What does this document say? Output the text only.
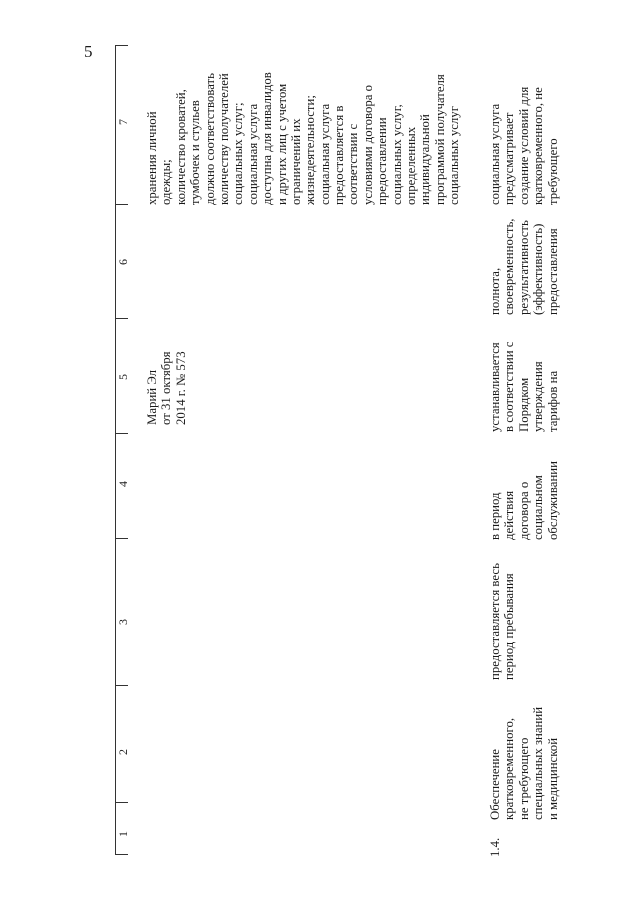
5
1
2
3
4
5
6
7
Марий Эл от 31 октября 2014 г. № 573
хранения личной одежды; количество кроватей, тумбочек и стульев должно соответствовать количеству получателей социальных услуг; социальная услуга доступна для инвалидов и других лиц с учетом ограничений их жизнедеятельности; социальная услуга предоставляется в соответствии с условиями договора о предоставлении социальных услуг, определенных индивидуальной программой получателя социальных услуг
1.4.
Обеспечение кратковременного, не требующего специальных знаний и медицинской
предоставляется весь период пребывания
в период действия договора о социальном обслуживании
устанавливается в соответствии с Порядком утверждения тарифов на
полнота, своевременность, результативность (эффективность) предоставления
социальная услуга предусматривает создание условий для кратковременного, не требующего
